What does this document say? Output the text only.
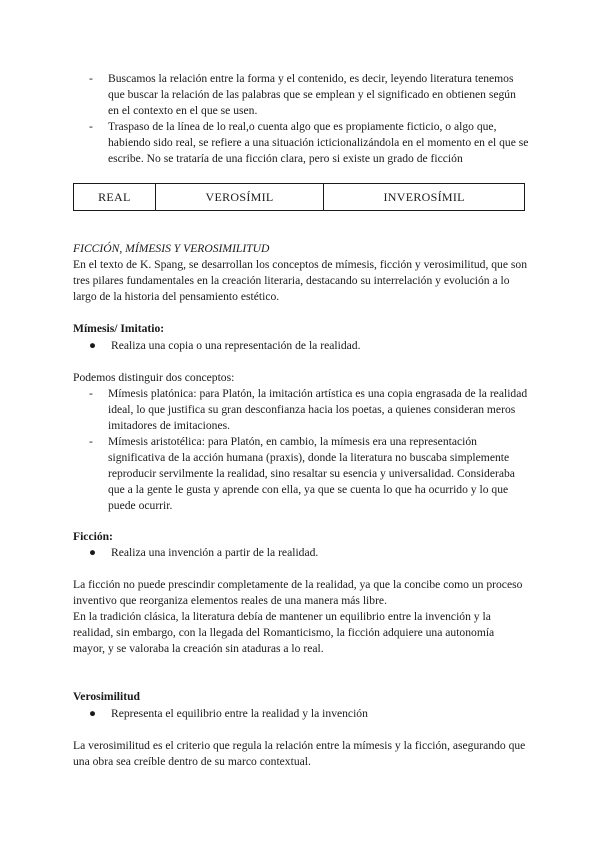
- Buscamos la relación entre la forma y el contenido, es decir, leyendo literatura tenemos que buscar la relación de las palabras que se emplean y el significado en obtienen según en el contexto en el que se usen.

- Traspaso de la línea de lo real,o cuenta algo que es propiamente ficticio, o algo que, habiendo sido real, se refiere a una situación icticionalizándola en el momento en el que se escribe. No se trataría de una ficción clara, pero si existe un grado de ficción

REAL	VEROSÍMIL	INVEROSÍMIL

FICCIÓN, MÍMESIS Y VEROSIMILITUD

En el texto de K. Spang, se desarrollan los conceptos de mímesis, ficción y verosimilitud, que son tres pilares fundamentales en la creación literaria, destacando su interrelación y evolución a lo largo de la historia del pensamiento estético.

Mímesis/ Imitatio:

● Realiza una copia o una representación de la realidad.

Podemos distinguir dos conceptos:

- Mímesis platónica: para Platón, la imitación artística es una copia engrasada de la realidad ideal, lo que justifica su gran desconfianza hacia los poetas, a quienes consideran meros imitadores de imitaciones.

- Mímesis aristotélica: para Platón, en cambio, la mímesis era una representación significativa de la acción humana (praxis), donde la literatura no buscaba simplemente reproducir servilmente la realidad, sino resaltar su esencia y universalidad. Consideraba que a la gente le gusta y aprende con ella, ya que se cuenta lo que ha ocurrido y lo que puede ocurrir.

Ficción:

● Realiza una invención a partir de la realidad.

La ficción no puede prescindir completamente de la realidad, ya que la concibe como un proceso inventivo que reorganiza elementos reales de una manera más libre.

En la tradición clásica, la literatura debía de mantener un equilibrio entre la invención y la realidad, sin embargo, con la llegada del Romanticismo, la ficción adquiere una autonomía mayor, y se valoraba la creación sin ataduras a lo real.

Verosimilitud

● Representa el equilibrio entre la realidad y la invención

La verosimilitud es el criterio que regula la relación entre la mímesis y la ficción, asegurando que una obra sea creíble dentro de su marco contextual.
